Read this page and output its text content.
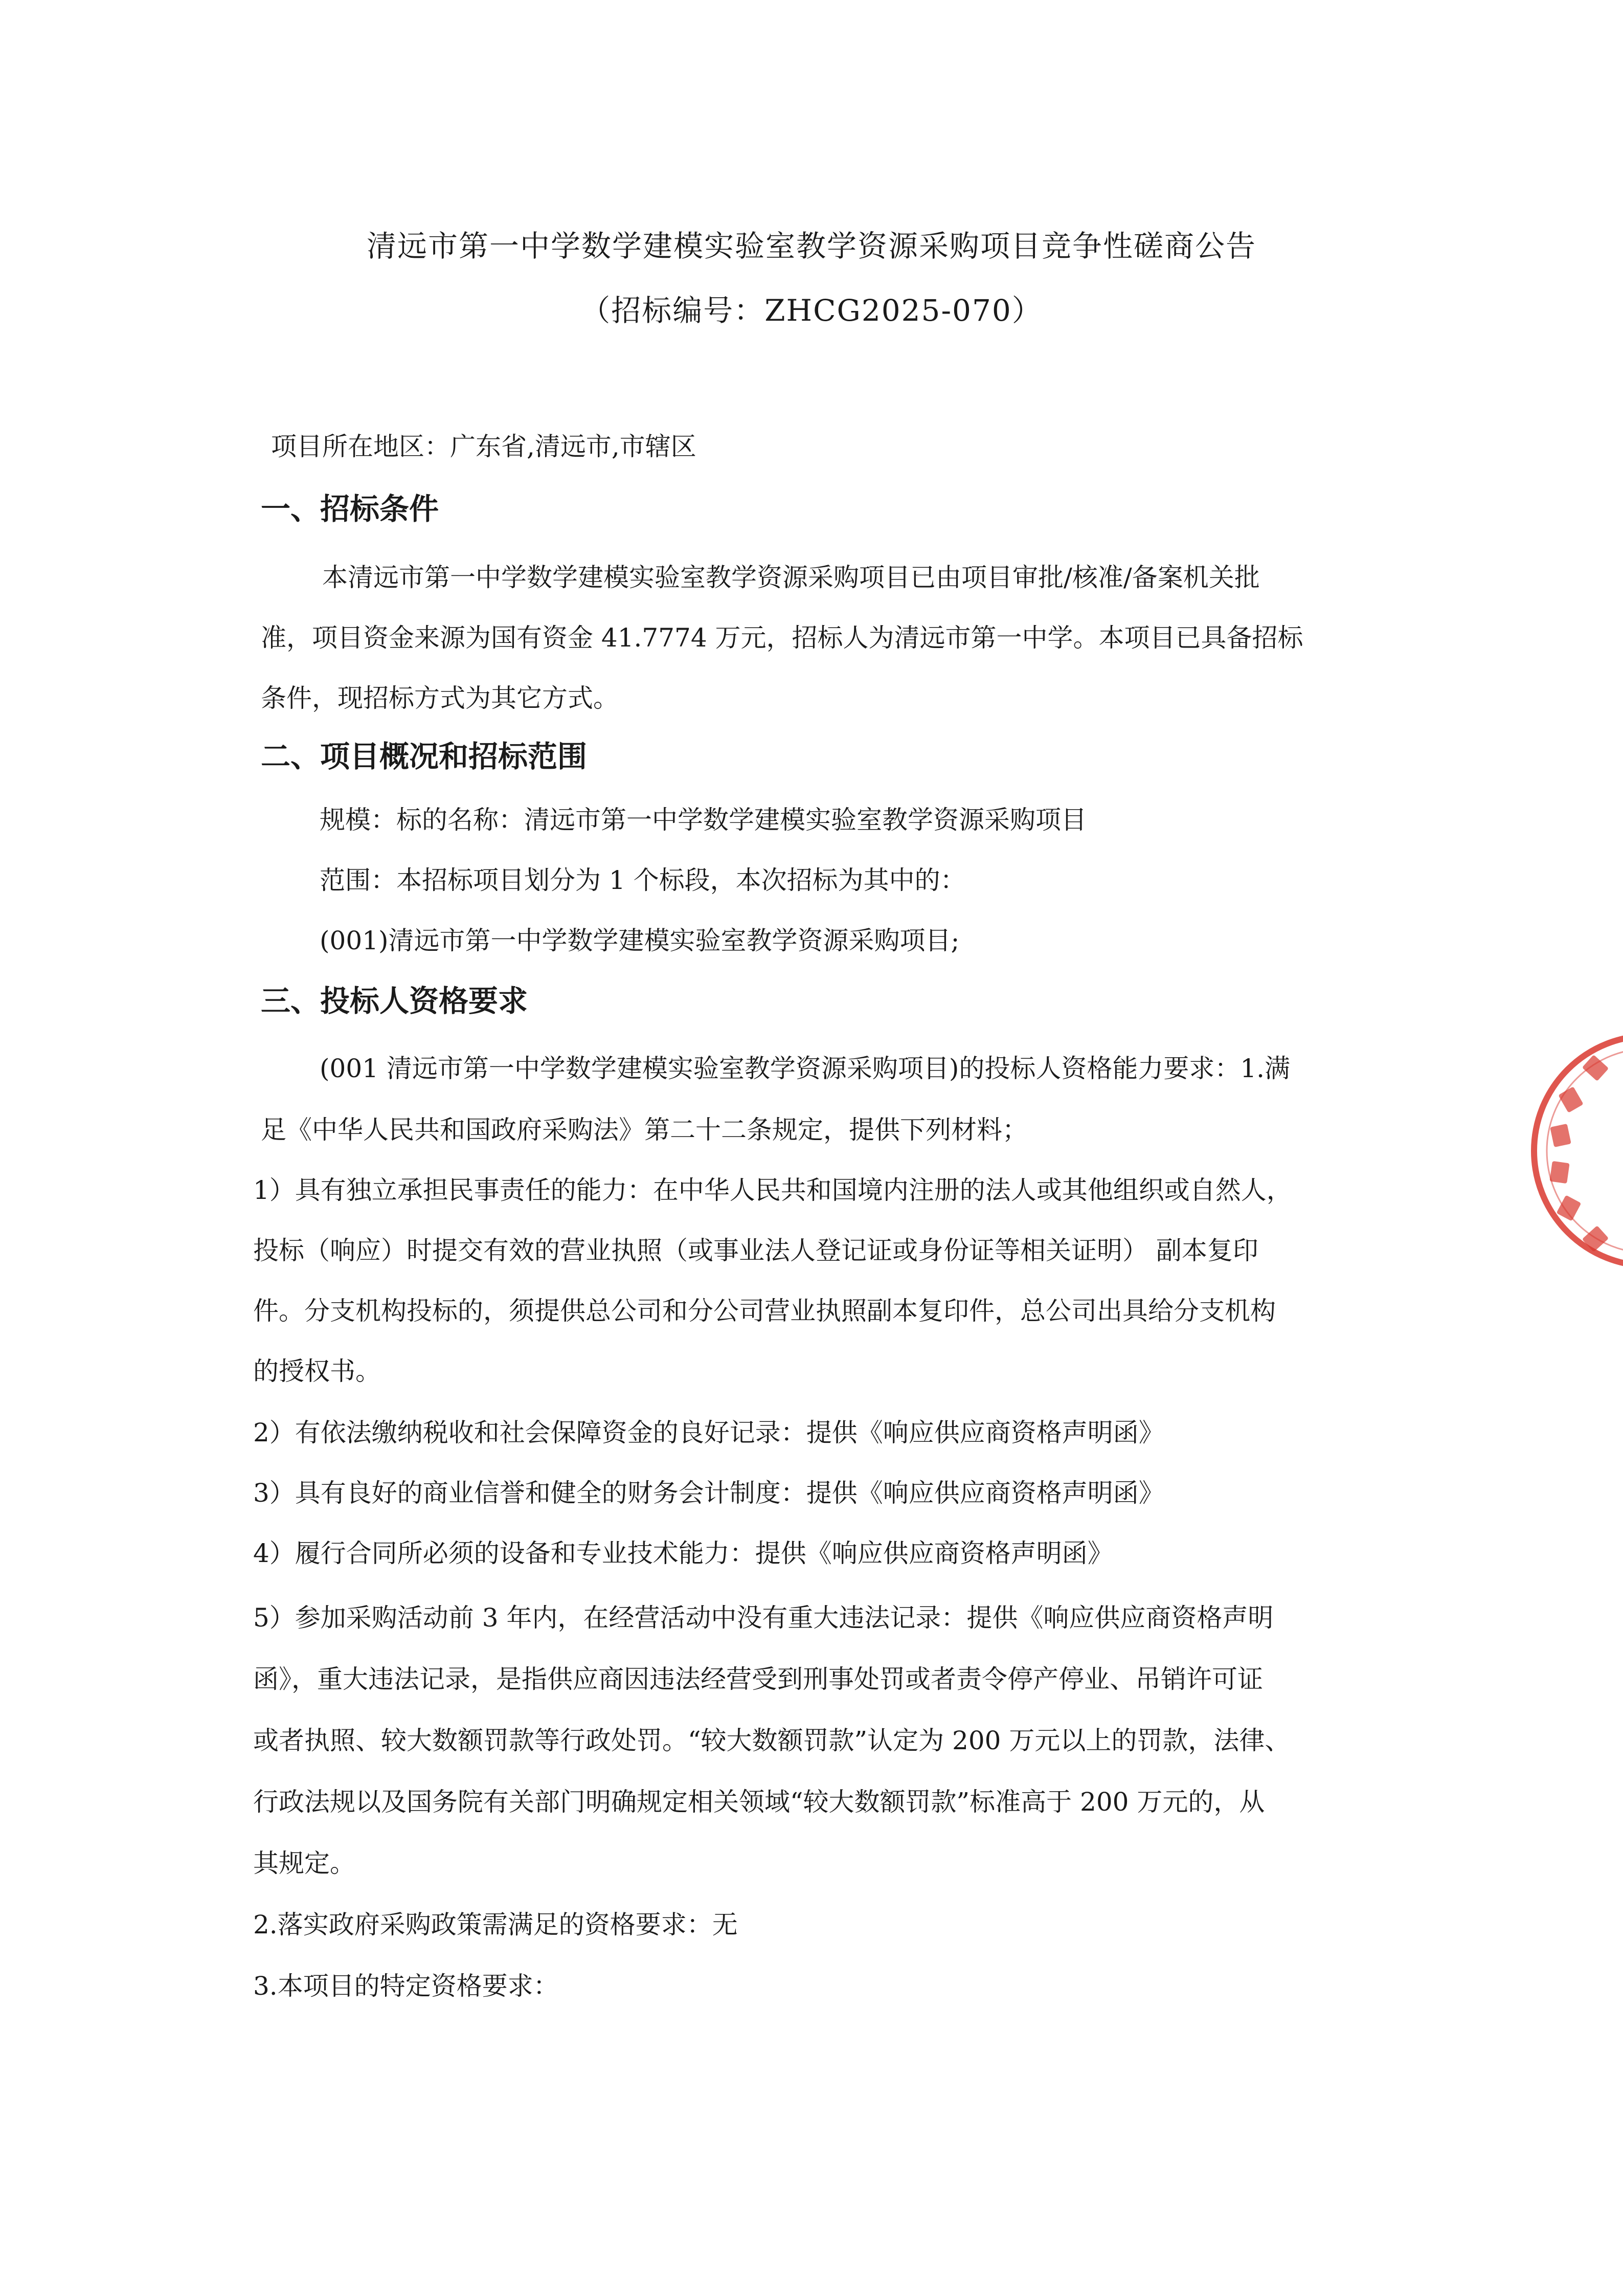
清远市第一中学数学建模实验室教学资源采购项目竞争性磋商公告
（招标编号：ZHCG2025-070）
项目所在地区：广东省,清远市,市辖区
一、招标条件
本清远市第一中学数学建模实验室教学资源采购项目已由项目审批/核准/备案机关批
准，项目资金来源为国有资金 41.7774 万元，招标人为清远市第一中学。本项目已具备招标
条件，现招标方式为其它方式。
二、项目概况和招标范围
规模：标的名称：清远市第一中学数学建模实验室教学资源采购项目
范围：本招标项目划分为 1 个标段，本次招标为其中的：
(001)清远市第一中学数学建模实验室教学资源采购项目;
三、投标人资格要求
(001 清远市第一中学数学建模实验室教学资源采购项目)的投标人资格能力要求：1.满
足《中华人民共和国政府采购法》第二十二条规定，提供下列材料；
1）具有独立承担民事责任的能力：在中华人民共和国境内注册的法人或其他组织或自然人，
投标（响应）时提交有效的营业执照（或事业法人登记证或身份证等相关证明） 副本复印
件。分支机构投标的，须提供总公司和分公司营业执照副本复印件，总公司出具给分支机构
的授权书。
2）有依法缴纳税收和社会保障资金的良好记录：提供《响应供应商资格声明函》
3）具有良好的商业信誉和健全的财务会计制度：提供《响应供应商资格声明函》
4）履行合同所必须的设备和专业技术能力：提供《响应供应商资格声明函》
5）参加采购活动前 3 年内，在经营活动中没有重大违法记录：提供《响应供应商资格声明
函》，重大违法记录，是指供应商因违法经营受到刑事处罚或者责令停产停业、吊销许可证
或者执照、较大数额罚款等行政处罚。“较大数额罚款”认定为 200 万元以上的罚款，法律、
行政法规以及国务院有关部门明确规定相关领域“较大数额罚款”标准高于 200 万元的，从
其规定。
2.落实政府采购政策需满足的资格要求：无
3.本项目的特定资格要求：
